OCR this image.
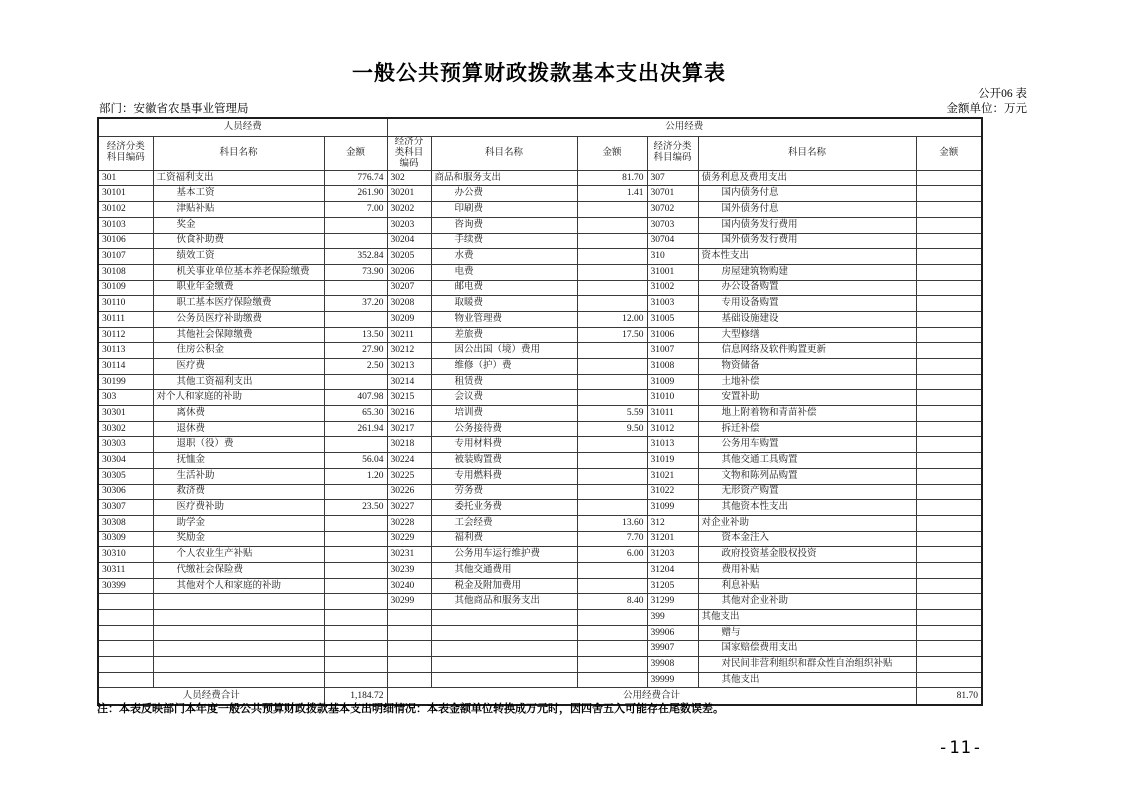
一般公共预算财政拨款基本支出决算表
公开06 表
部门：安徽省农垦事业管理局	金额单位：万元
人员经费			公用经费					
经济分类科目编码	科目名称	金额	经济分类科目编码	科目名称	金额	经济分类科目编码	科目名称	金额
301	工资福利支出	776.74	302	商品和服务支出	81.70	307	债务利息及费用支出	
30101	基本工资	261.90	30201	办公费	1.41	30701	国内债务付息	
30102	津贴补贴	7.00	30202	印刷费		30702	国外债务付息	
30103	奖金		30203	咨询费		30703	国内债务发行费用	
30106	伙食补助费		30204	手续费		30704	国外债务发行费用	
30107	绩效工资	352.84	30205	水费		310	资本性支出	
30108	机关事业单位基本养老保险缴费	73.90	30206	电费		31001	房屋建筑物购建	
30109	职业年金缴费		30207	邮电费		31002	办公设备购置	
30110	职工基本医疗保险缴费	37.20	30208	取暖费		31003	专用设备购置	
30111	公务员医疗补助缴费		30209	物业管理费	12.00	31005	基础设施建设	
30112	其他社会保障缴费	13.50	30211	差旅费	17.50	31006	大型修缮	
30113	住房公积金	27.90	30212	因公出国（境）费用		31007	信息网络及软件购置更新	
30114	医疗费	2.50	30213	维修（护）费		31008	物资储备	
30199	其他工资福利支出		30214	租赁费		31009	土地补偿	
303	对个人和家庭的补助	407.98	30215	会议费		31010	安置补助	
30301	离休费	65.30	30216	培训费	5.59	31011	地上附着物和青苗补偿	
30302	退休费	261.94	30217	公务接待费	9.50	31012	拆迁补偿	
30303	退职（役）费		30218	专用材料费		31013	公务用车购置	
30304	抚恤金	56.04	30224	被装购置费		31019	其他交通工具购置	
30305	生活补助	1.20	30225	专用燃料费		31021	文物和陈列品购置	
30306	救济费		30226	劳务费		31022	无形资产购置	
30307	医疗费补助	23.50	30227	委托业务费		31099	其他资本性支出	
30308	助学金		30228	工会经费	13.60	312	对企业补助	
30309	奖励金		30229	福利费	7.70	31201	资本金注入	
30310	个人农业生产补贴		30231	公务用车运行维护费	6.00	31203	政府投资基金股权投资	
30311	代缴社会保险费		30239	其他交通费用		31204	费用补贴	
30399	其他对个人和家庭的补助		30240	税金及附加费用		31205	利息补贴	
			30299	其他商品和服务支出	8.40	31299	其他对企业补助	
						399	其他支出	
						39906	赠与	
						39907	国家赔偿费用支出	
						39908	对民间非营利组织和群众性自治组织补贴	
						39999	其他支出	
人员经费合计		1,184.72	公用经费合计					81.70
注：本表反映部门本年度一般公共预算财政拨款基本支出明细情况：本表金额单位转换成万元时，因四舍五入可能存在尾数误差。
-11-
